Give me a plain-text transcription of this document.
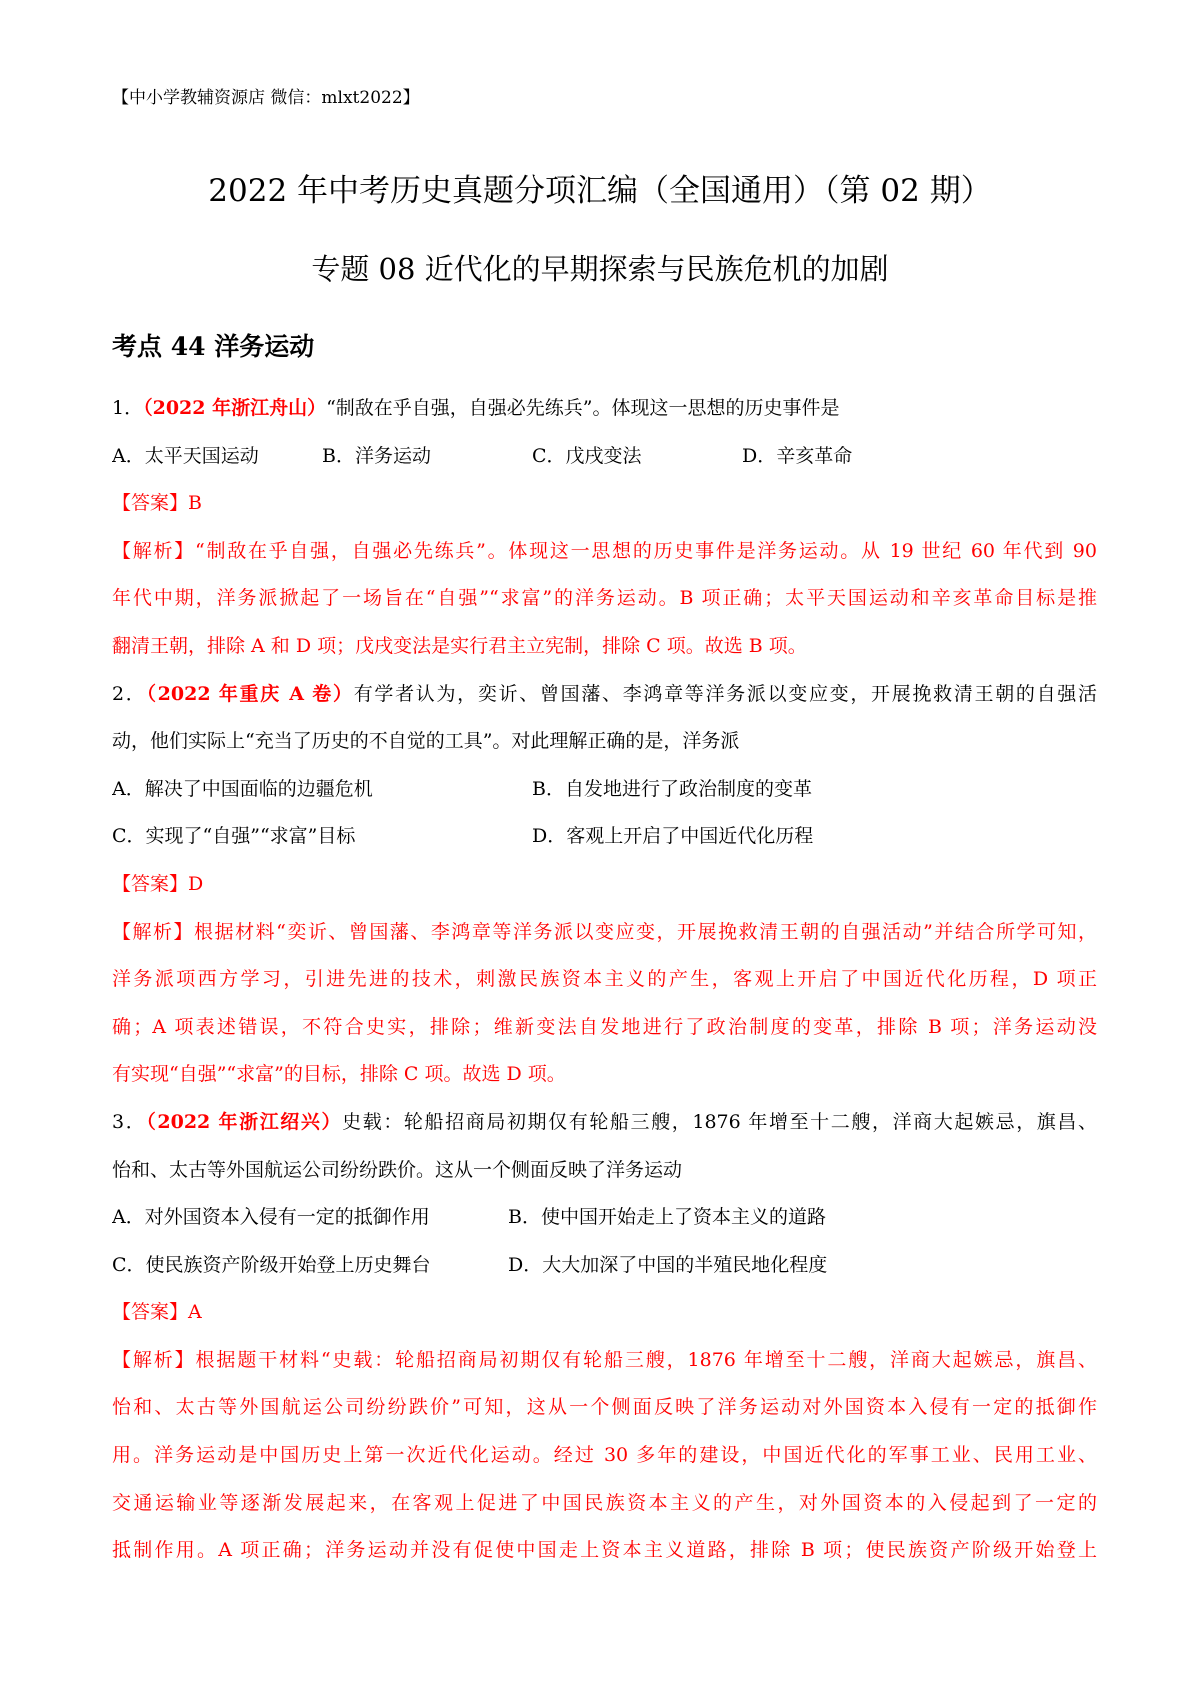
【中小学教辅资源店 微信：mlxt2022】
2022 年中考历史真题分项汇编（全国通用）（第 02 期）
专题 08 近代化的早期探索与民族危机的加剧
考点 44 洋务运动
1．（2022 年浙江舟山）“制敌在乎自强，自强必先练兵”。体现这一思想的历史事件是
A．太平天国运动	B．洋务运动	C．戊戌变法	D．辛亥革命
【答案】B
【解析】“制敌在乎自强，自强必先练兵”。体现这一思想的历史事件是洋务运动。从 19 世纪 60 年代到 90
年代中期，洋务派掀起了一场旨在“自强”“求富”的洋务运动。B 项正确；太平天国运动和辛亥革命目标是推
翻清王朝，排除 A 和 D 项；戊戌变法是实行君主立宪制，排除 C 项。故选 B 项。
2．（2022 年重庆 A 卷）有学者认为，奕䜣、曾国藩、李鸿章等洋务派以变应变，开展挽救清王朝的自强活
动，他们实际上“充当了历史的不自觉的工具”。对此理解正确的是，洋务派
A．解决了中国面临的边疆危机	B．自发地进行了政治制度的变革
C．实现了“自强”“求富”目标	D．客观上开启了中国近代化历程
【答案】D
【解析】根据材料“奕䜣、曾国藩、李鸿章等洋务派以变应变，开展挽救清王朝的自强活动”并结合所学可知，
洋务派项西方学习，引进先进的技术，刺激民族资本主义的产生，客观上开启了中国近代化历程，D 项正
确；A 项表述错误，不符合史实，排除；维新变法自发地进行了政治制度的变革，排除 B 项；洋务运动没
有实现“自强”“求富”的目标，排除 C 项。故选 D 项。
3．（2022 年浙江绍兴）史载：轮船招商局初期仅有轮船三艘，1876 年增至十二艘，洋商大起嫉忌，旗昌、
怡和、太古等外国航运公司纷纷跌价。这从一个侧面反映了洋务运动
A．对外国资本入侵有一定的抵御作用	B．使中国开始走上了资本主义的道路
C．使民族资产阶级开始登上历史舞台	D．大大加深了中国的半殖民地化程度
【答案】A
【解析】根据题干材料“史载：轮船招商局初期仅有轮船三艘，1876 年增至十二艘，洋商大起嫉忌，旗昌、
怡和、太古等外国航运公司纷纷跌价”可知，这从一个侧面反映了洋务运动对外国资本入侵有一定的抵御作
用。洋务运动是中国历史上第一次近代化运动。经过 30 多年的建设，中国近代化的军事工业、民用工业、
交通运输业等逐渐发展起来，在客观上促进了中国民族资本主义的产生，对外国资本的入侵起到了一定的
抵制作用。A 项正确；洋务运动并没有促使中国走上资本主义道路，排除 B 项；使民族资产阶级开始登上
